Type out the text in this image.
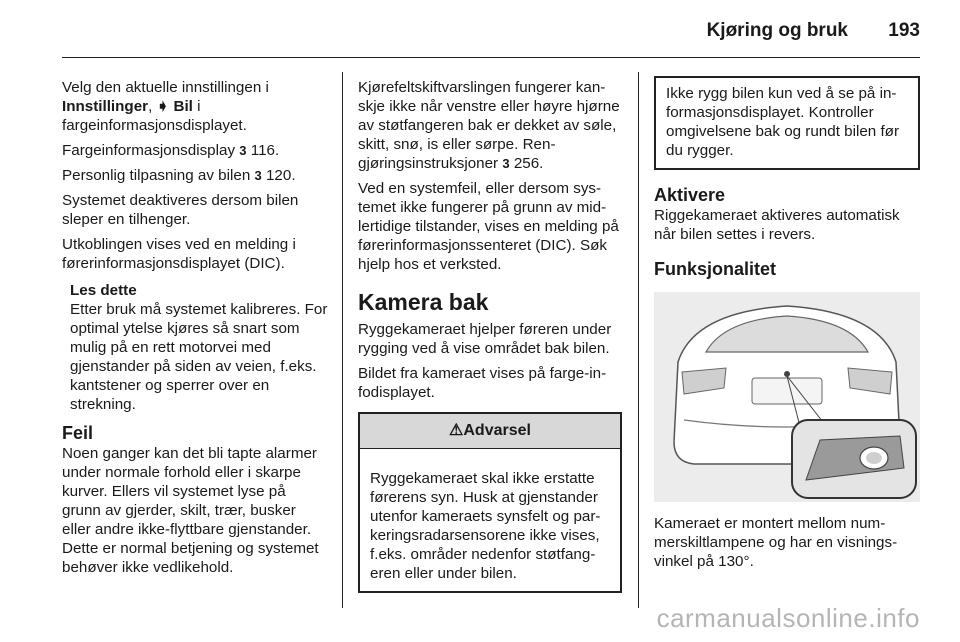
Kjøring og bruk 193

Velg den aktuelle innstillingen i Innstillinger, ➧ Bil i fargeinformasjonsdisplayet.

Fargeinformasjonsdisplay 3 116.

Personlig tilpasning av bilen 3 120.

Systemet deaktiveres dersom bilen sleper en tilhenger.

Utkoblingen vises ved en melding i førerinformasjonsdisplayet (DIC).

Les dette
Etter bruk må systemet kalibreres. For optimal ytelse kjøres så snart som mulig på en rett motorvei med gjenstander på siden av veien, f.eks. kantstener og sperrer over en strekning.
Feil

Noen ganger kan det bli tapte alarmer under normale forhold eller i skarpe kurver. Ellers vil systemet lyse på grunn av gjerder, skilt, trær, busker eller andre ikke-flyttbare gjenstander. Dette er normal betjening og systemet behøver ikke vedlikehold.

Kjørefeltskiftvarslingen fungerer kanskje ikke når venstre eller høyre hjørne av støtfangeren bak er dekket av søle, skitt, snø, is eller sørpe. Rengjøringsinstruksjoner 3 256.

Ved en systemfeil, eller dersom systemet ikke fungerer på grunn av midlertidige tilstander, vises en melding på førerinformasjonssenteret (DIC). Søk hjelp hos et verksted.

Kamera bak

Ryggekameraet hjelper føreren under rygging ved å vise området bak bilen.

Bildet fra kameraet vises på farge-infodisplayet.

⚠Advarsel
Ryggekameraet skal ikke erstatte førerens syn. Husk at gjenstander utenfor kameraets synsfelt og parkeringsradarsensorene ikke vises, f.eks. områder nedenfor støtfangeren eller under bilen.
Ikke rygg bilen kun ved å se på informasjonsdisplayet. Kontroller omgivelsene bak og rundt bilen før du rygger.
Aktivere

Riggekameraet aktiveres automatisk når bilen settes i revers.

Funksjonalitet

Kameraet er montert mellom nummerskiltlampene og har en visningsvinkel på 130°.

carmanualsonline.info
